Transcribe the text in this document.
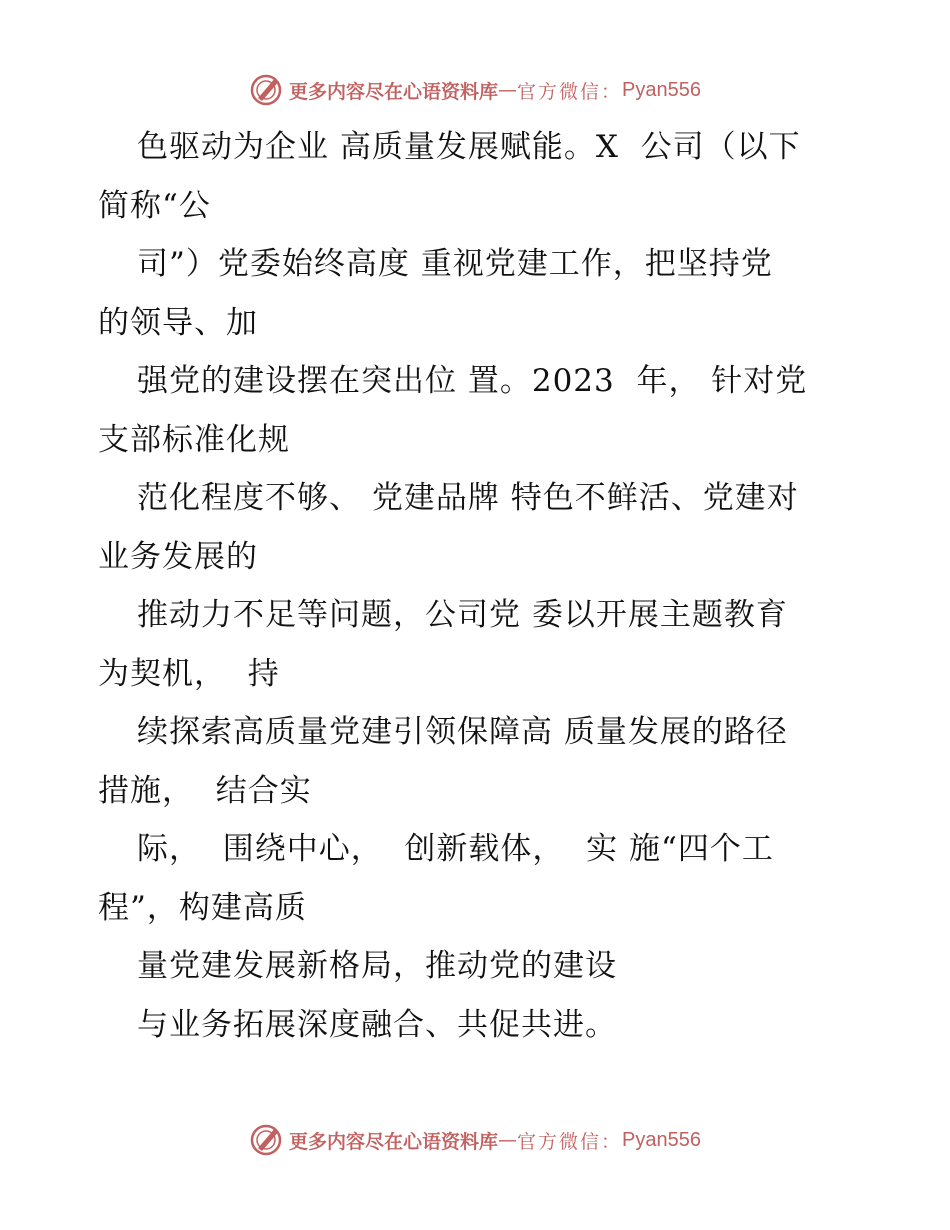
更多内容尽在心语资料库 — 官方微信： Pyan556
色驱动为企业 高质量发展赋能。X  公司（以下
简称“公
司”）党委始终高度 重视党建工作，把坚持党
的领导、加
强党的建设摆在突出位 置。2023  年， 针对党
支部标准化规
范化程度不够、 党建品牌 特色不鲜活、党建对
业务发展的
推动力不足等问题，公司党 委以开展主题教育
为契机，  持
续探索高质量党建引领保障高 质量发展的路径
措施，  结合实
际，  围绕中心，  创新载体，  实 施“四个工
程”，构建高质
量党建发展新格局，推动党的建设
与业务拓展深度融合、共促共进。
更多内容尽在心语资料库 — 官方微信： Pyan556
